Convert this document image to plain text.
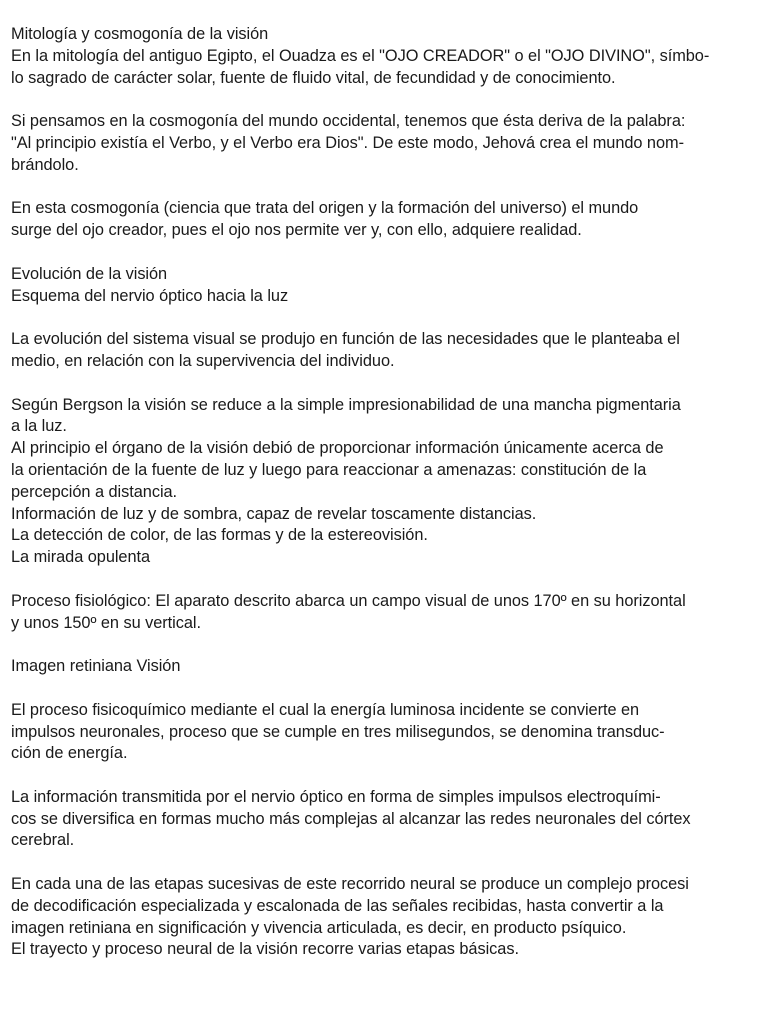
Mitología y cosmogonía de la visión
En la mitología del antiguo Egipto, el Ouadza es el "OJO CREADOR" o el "OJO DIVINO", símbo-
lo sagrado de carácter solar, fuente de fluido vital, de fecundidad y de conocimiento.
Si pensamos en la cosmogonía del mundo occidental, tenemos que ésta deriva de la palabra:
"Al principio existía el Verbo, y el Verbo era Dios". De este modo, Jehová crea el mundo nom-
brándolo.
En esta cosmogonía (ciencia que trata del origen y la formación del universo) el mundo
surge del ojo creador, pues el ojo nos permite ver y, con ello, adquiere realidad.
Evolución de la visión
Esquema del nervio óptico hacia la luz
La evolución del sistema visual se produjo en función de las necesidades que le planteaba el
medio, en relación con la supervivencia del individuo.
Según Bergson la visión se reduce a la simple impresionabilidad de una mancha pigmentaria
a la luz.
Al principio el órgano de la visión debió de proporcionar información únicamente acerca de
la orientación de la fuente de luz y luego para reaccionar a amenazas: constitución de la
percepción a distancia.
Información de luz y de sombra, capaz de revelar toscamente distancias.
La detección de color, de las formas y de la estereovisión.
La mirada opulenta
Proceso fisiológico: El aparato descrito abarca un campo visual de unos 170º en su horizontal
y unos 150º en su vertical.
Imagen retiniana Visión
El proceso fisicoquímico mediante el cual la energía luminosa incidente se convierte en
impulsos neuronales, proceso que se cumple en tres milisegundos, se denomina transduc-
ción de energía.
La información transmitida por el nervio óptico en forma de simples impulsos electroquími-
cos se diversifica en formas mucho más complejas al alcanzar las redes neuronales del córtex
cerebral.
En cada una de las etapas sucesivas de este recorrido neural se produce un complejo procesi
de decodificación especializada y escalonada de las señales recibidas, hasta convertir a la
imagen retiniana en significación y vivencia articulada, es decir, en producto psíquico.
El trayecto y proceso neural de la visión recorre varias etapas básicas.
